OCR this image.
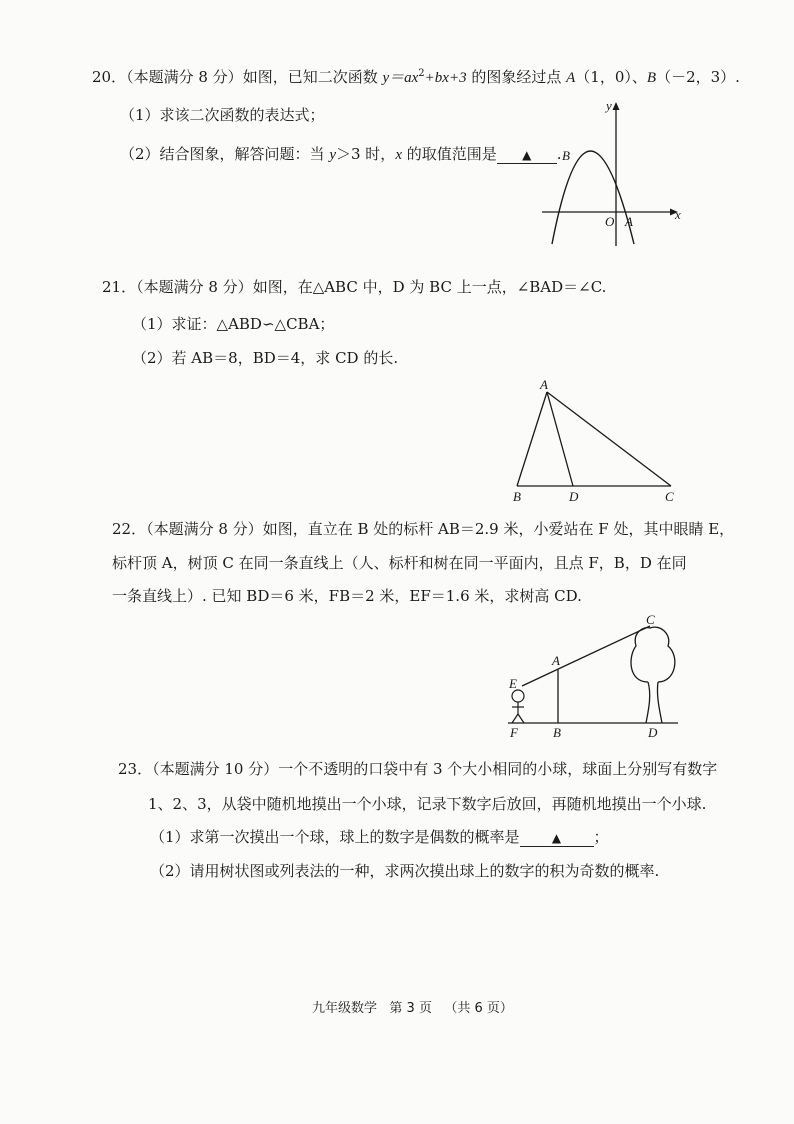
20．（本题满分 8 分）如图，已知二次函数 $y=ax^2+bx+3$ 的图象经过点 A（1，0）、B（－2，3）.
（1）求该二次函数的表达式；
（2）结合图象，解答问题：当 y＞3 时，x 的取值范围是 ▲ .
y
x
O A
B
21．（本题满分 8 分）如图，在△ABC 中，D 为 BC 上一点，∠BAD＝∠C.
（1）求证：△ABD∽△CBA；
（2）若 AB＝8，BD＝4，求 CD 的长.
A
B	D	C
22．（本题满分 8 分）如图，直立在 B 处的标杆 AB＝2.9 米，小爱站在 F 处，其中眼睛 E，
标杆顶 A，树顶 C 在同一条直线上（人、标杆和树在同一平面内，且点 F，B，D 在同
一条直线上）. 已知 BD＝6 米，FB＝2 米，EF＝1.6 米，求树高 CD.
C
A
E
F	B	D
23．（本题满分 10 分）一个不透明的口袋中有 3 个大小相同的小球，球面上分别写有数字
1、2、3，从袋中随机地摸出一个小球，记录下数字后放回，再随机地摸出一个小球.
（1）求第一次摸出一个球，球上的数字是偶数的概率是	▲ ；
（2）请用树状图或列表法的一种，求两次摸出球上的数字的积为奇数的概率.
九年级数学 第 3 页 （共 6 页）
